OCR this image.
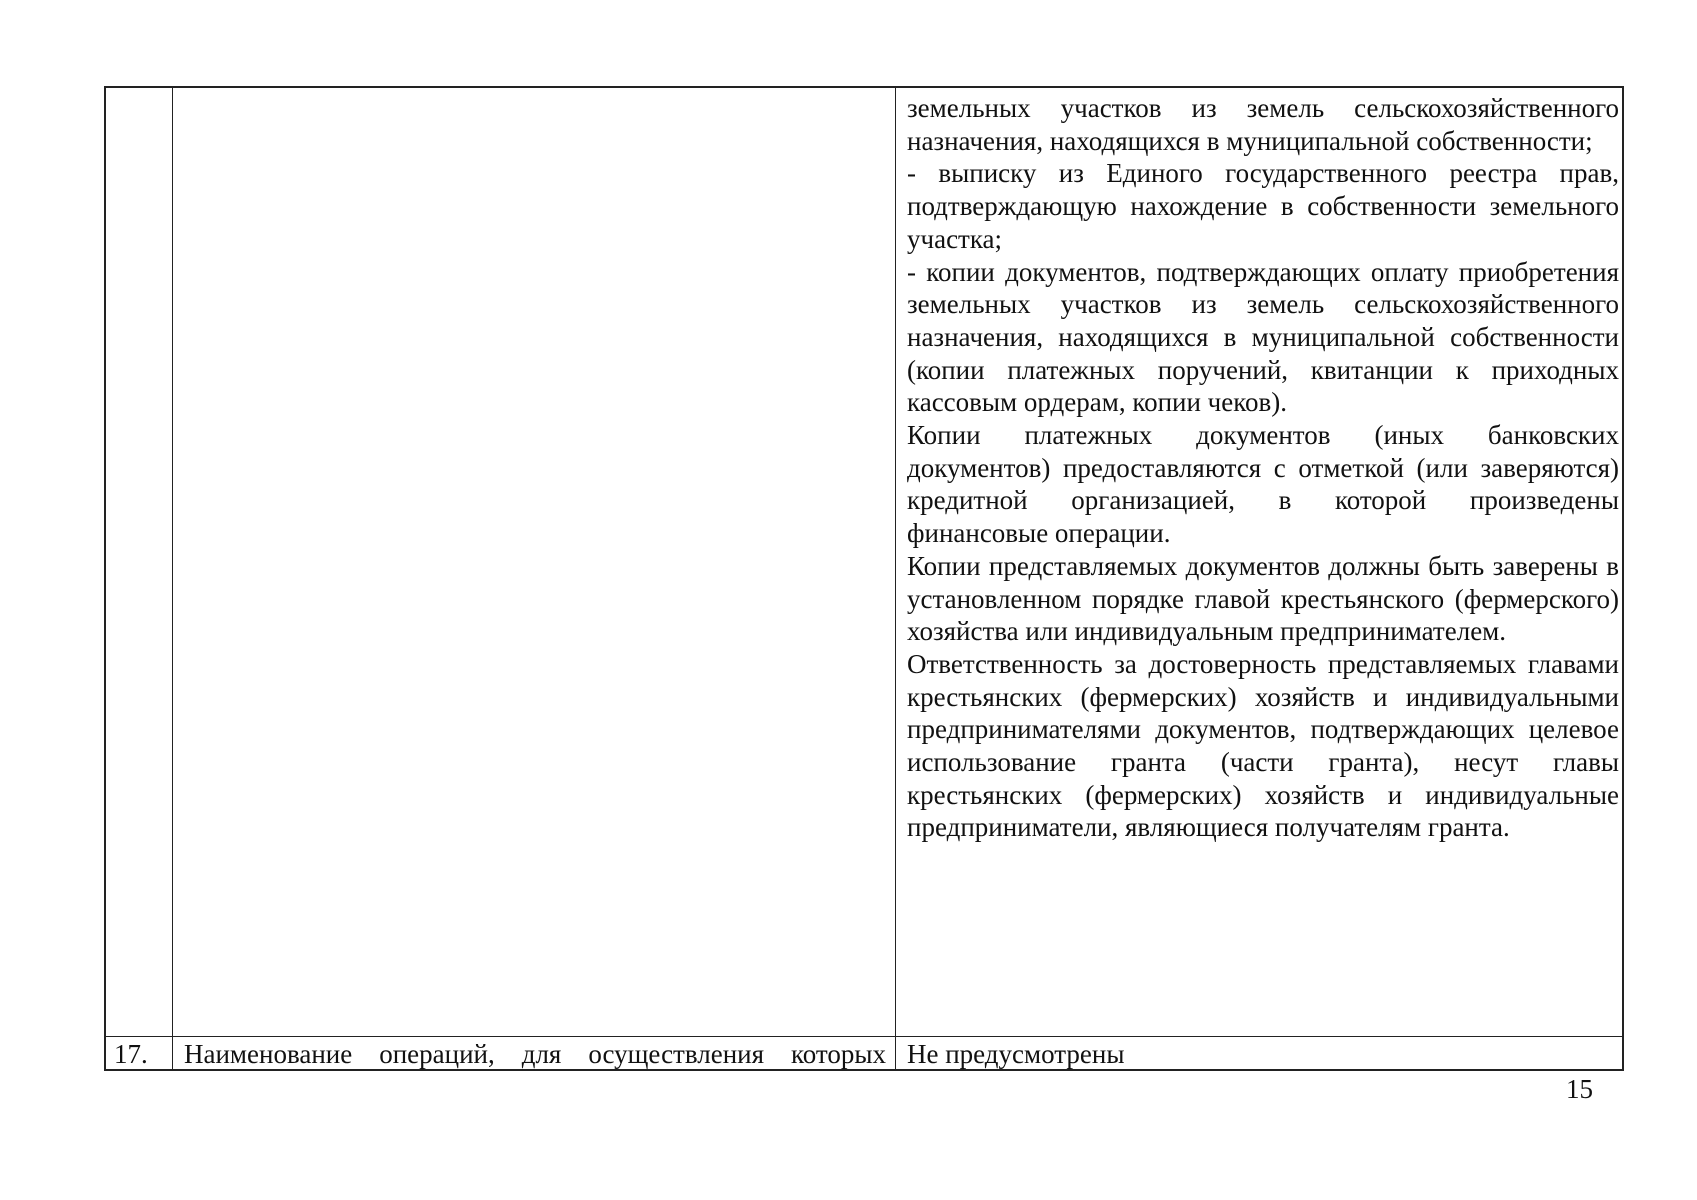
земельных участков из земель сельскохозяйственного назначения, находящихся в муниципальной собственности;

- выписку из Единого государственного реестра прав, подтверждающую нахождение в собственности земельного участка;

- копии документов, подтверждающих оплату приобретения земельных участков из земель сельскохозяйственного назначения, находящихся в муниципальной собственности (копии платежных поручений, квитанции к приходных кассовым ордерам, копии чеков).

Копии платежных документов (иных банковских документов) предоставляются с отметкой (или заверяются) кредитной организацией, в которой произведены финансовые операции.

Копии представляемых документов должны быть заверены в установленном порядке главой крестьянского (фермерского) хозяйства или индивидуальным предпринимателем.

Ответственность за достоверность представляемых главами крестьянских (фермерских) хозяйств и индивидуальными предпринимателями документов, подтверждающих целевое использование гранта (части гранта), несут главы крестьянских (фермерских) хозяйств и индивидуальные предприниматели, являющиеся получателям гранта.

17. Наименование операций, для осуществления которых Не предусмотрены
15
